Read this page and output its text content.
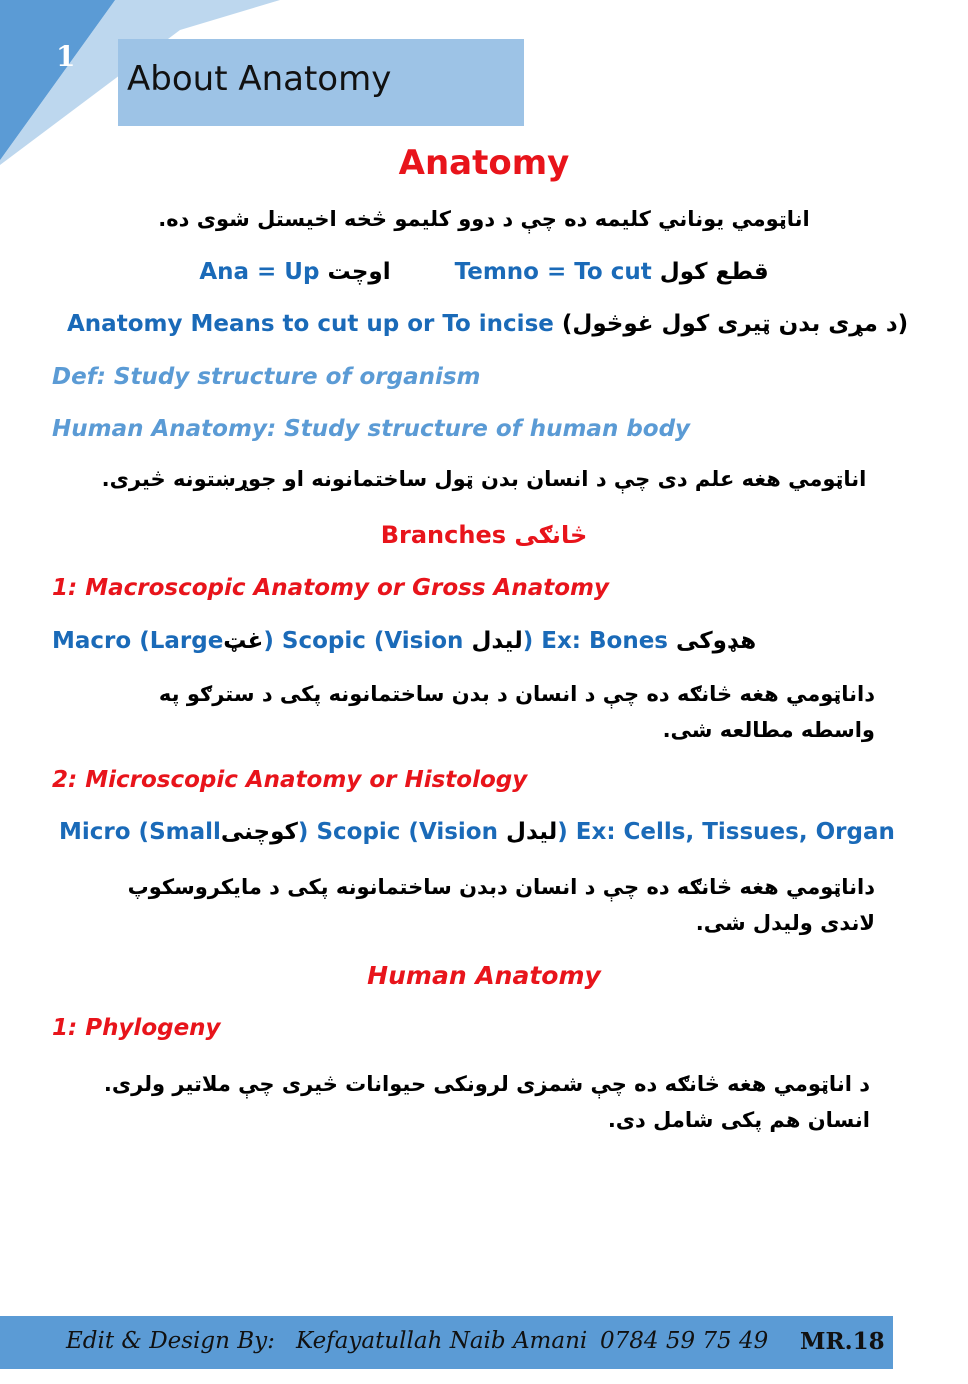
1
About Anatomy
Anatomy
اناټومي يوناني کلیمه ده چې د دوو کلیمو څخه اخیستل شوی ده.
Ana = Up اوچت	Temno = To cut قطع کول
Anatomy Means to cut up or To incise (د مړی بدن ټیری کول غوڅول)
Def: Study structure of organism
Human Anatomy: Study structure of human body
اناټومي هغه علم دی چې د انسان بدن ټول ساختمانونه او جوړښتونه څیری.
Branches څانګی
1: Macroscopic Anatomy or Gross Anatomy
Macro (Largeغټ) Scopic (Vision لیدل) Ex: Bones هډوکی
داناټومي هغه څانګه ده چې د انسان د بدن ساختمانونه پکی د سترګو په واسطه مطالعه شی.
2: Microscopic Anatomy or Histology
Micro (Smallکوچنی) Scopic (Vision لیدل) Ex: Cells, Tissues, Organ
داناټومي هغه څانګه ده چې د انسان دبدن ساختمانونه پکی د مایکروسکوپ لاندی ولیدل شی.
Human Anatomy
1: Phylogeny
د اناټومي هغه څانګه ده چې شمزی لرونکی حیوانات څیری چې ملاتیر ولری. انسان هم پکی شامل دی.
Edit & Design By: Kefayatullah Naib Amani 0784 59 75 49 MR.18
